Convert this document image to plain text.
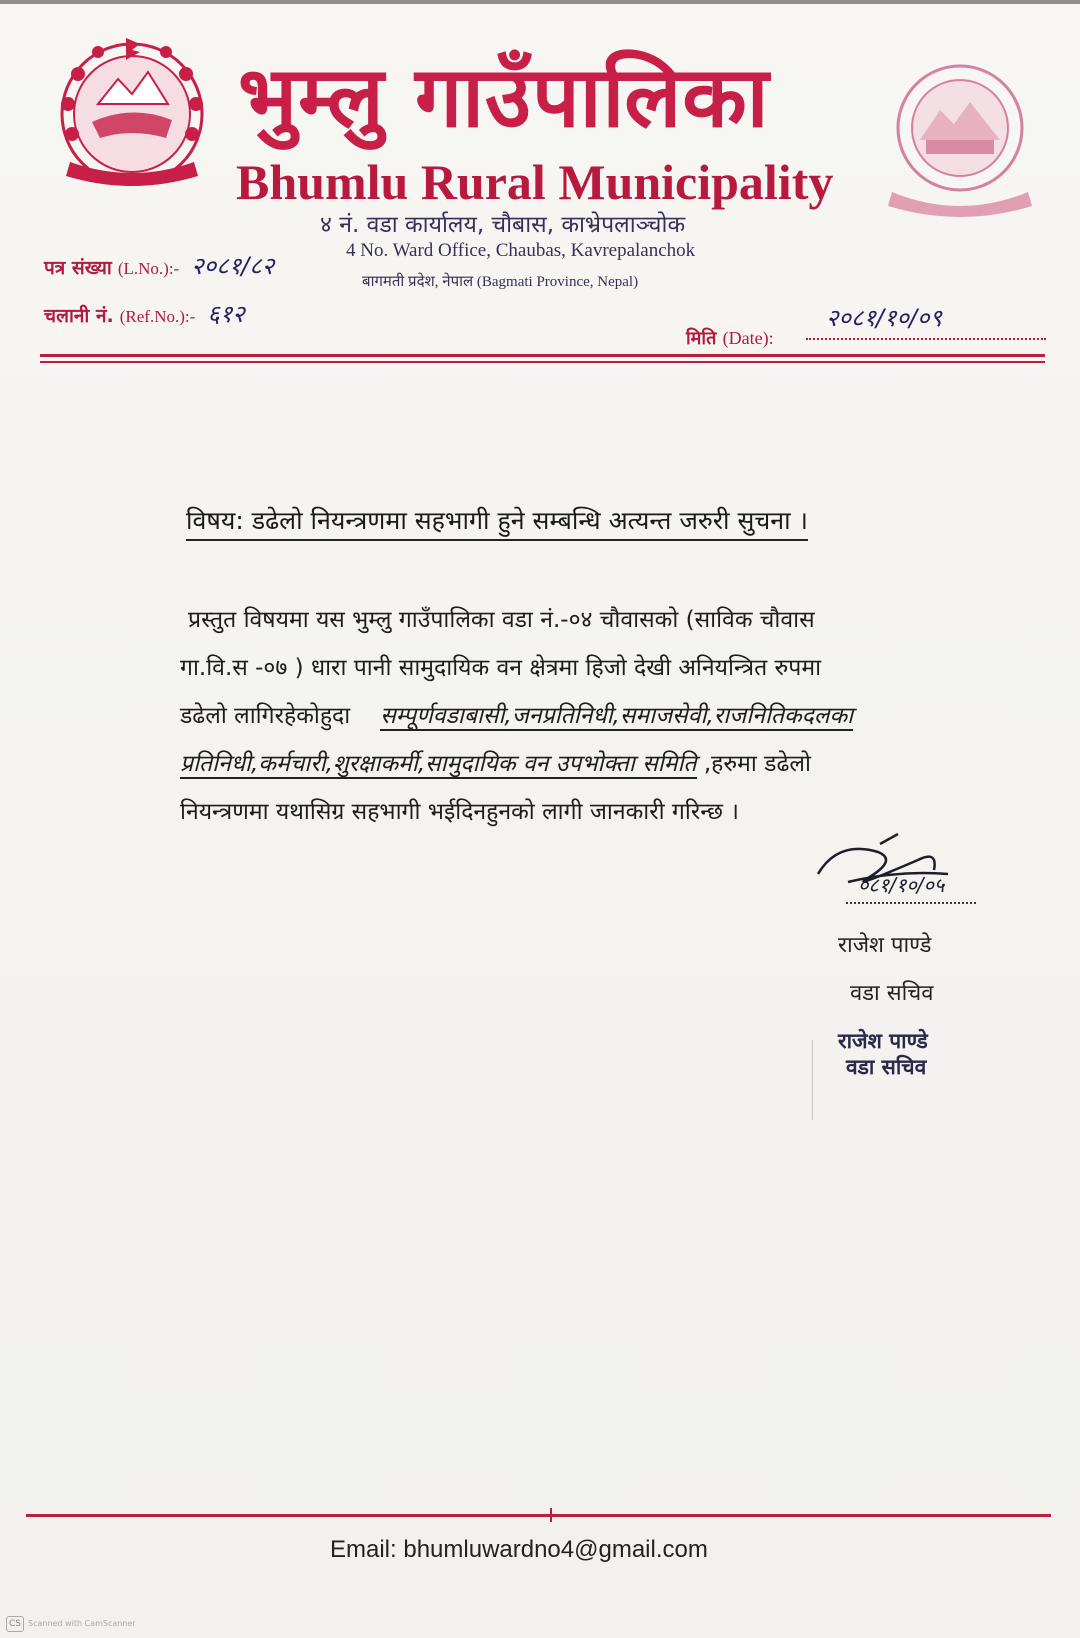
भुम्लु गाउँपालिका
Bhumlu Rural Municipality
४ नं. वडा कार्यालय, चौबास, काभ्रेपलाञ्चोक
4 No. Ward Office, Chaubas, Kavrepalanchok
बागमती प्रदेश, नेपाल (Bagmati Province, Nepal)
पत्र संख्या (L.No.):- २०८१/८२
चलानी नं. (Ref.No.):- ६१२
मिति (Date):
२०८१/१०/०९
विषय: डढेलो नियन्त्रणमा सहभागी हुने सम्बन्धि अत्यन्त जरुरी सुचना ।
प्रस्तुत विषयमा यस भुम्लु गाउँपालिका वडा नं.-०४ चौवासको (साविक चौवास
गा.वि.स -०७ ) धारा पानी सामुदायिक वन क्षेत्रमा हिजो देखी अनियन्त्रित रुपमा
डढेलो लागिरहेकोहुदा सम्पूर्णवडाबासी,जनप्रतिनिधी,समाजसेवी,राजनितिकदलका
प्रतिनिधी,कर्मचारी,शुरक्षाकर्मी,सामुदायिक वन उपभोक्ता समिति ,हरुमा डढेलो
नियन्त्रणमा यथासिग्र सहभागी भईदिनहुनको लागी जानकारी गरिन्छ ।
०८१/१०/०५
राजेश पाण्डे
वडा सचिव
राजेश पाण्डे
वडा सचिव
Email: bhumluwardno4@gmail.com
CS Scanned with CamScanner
